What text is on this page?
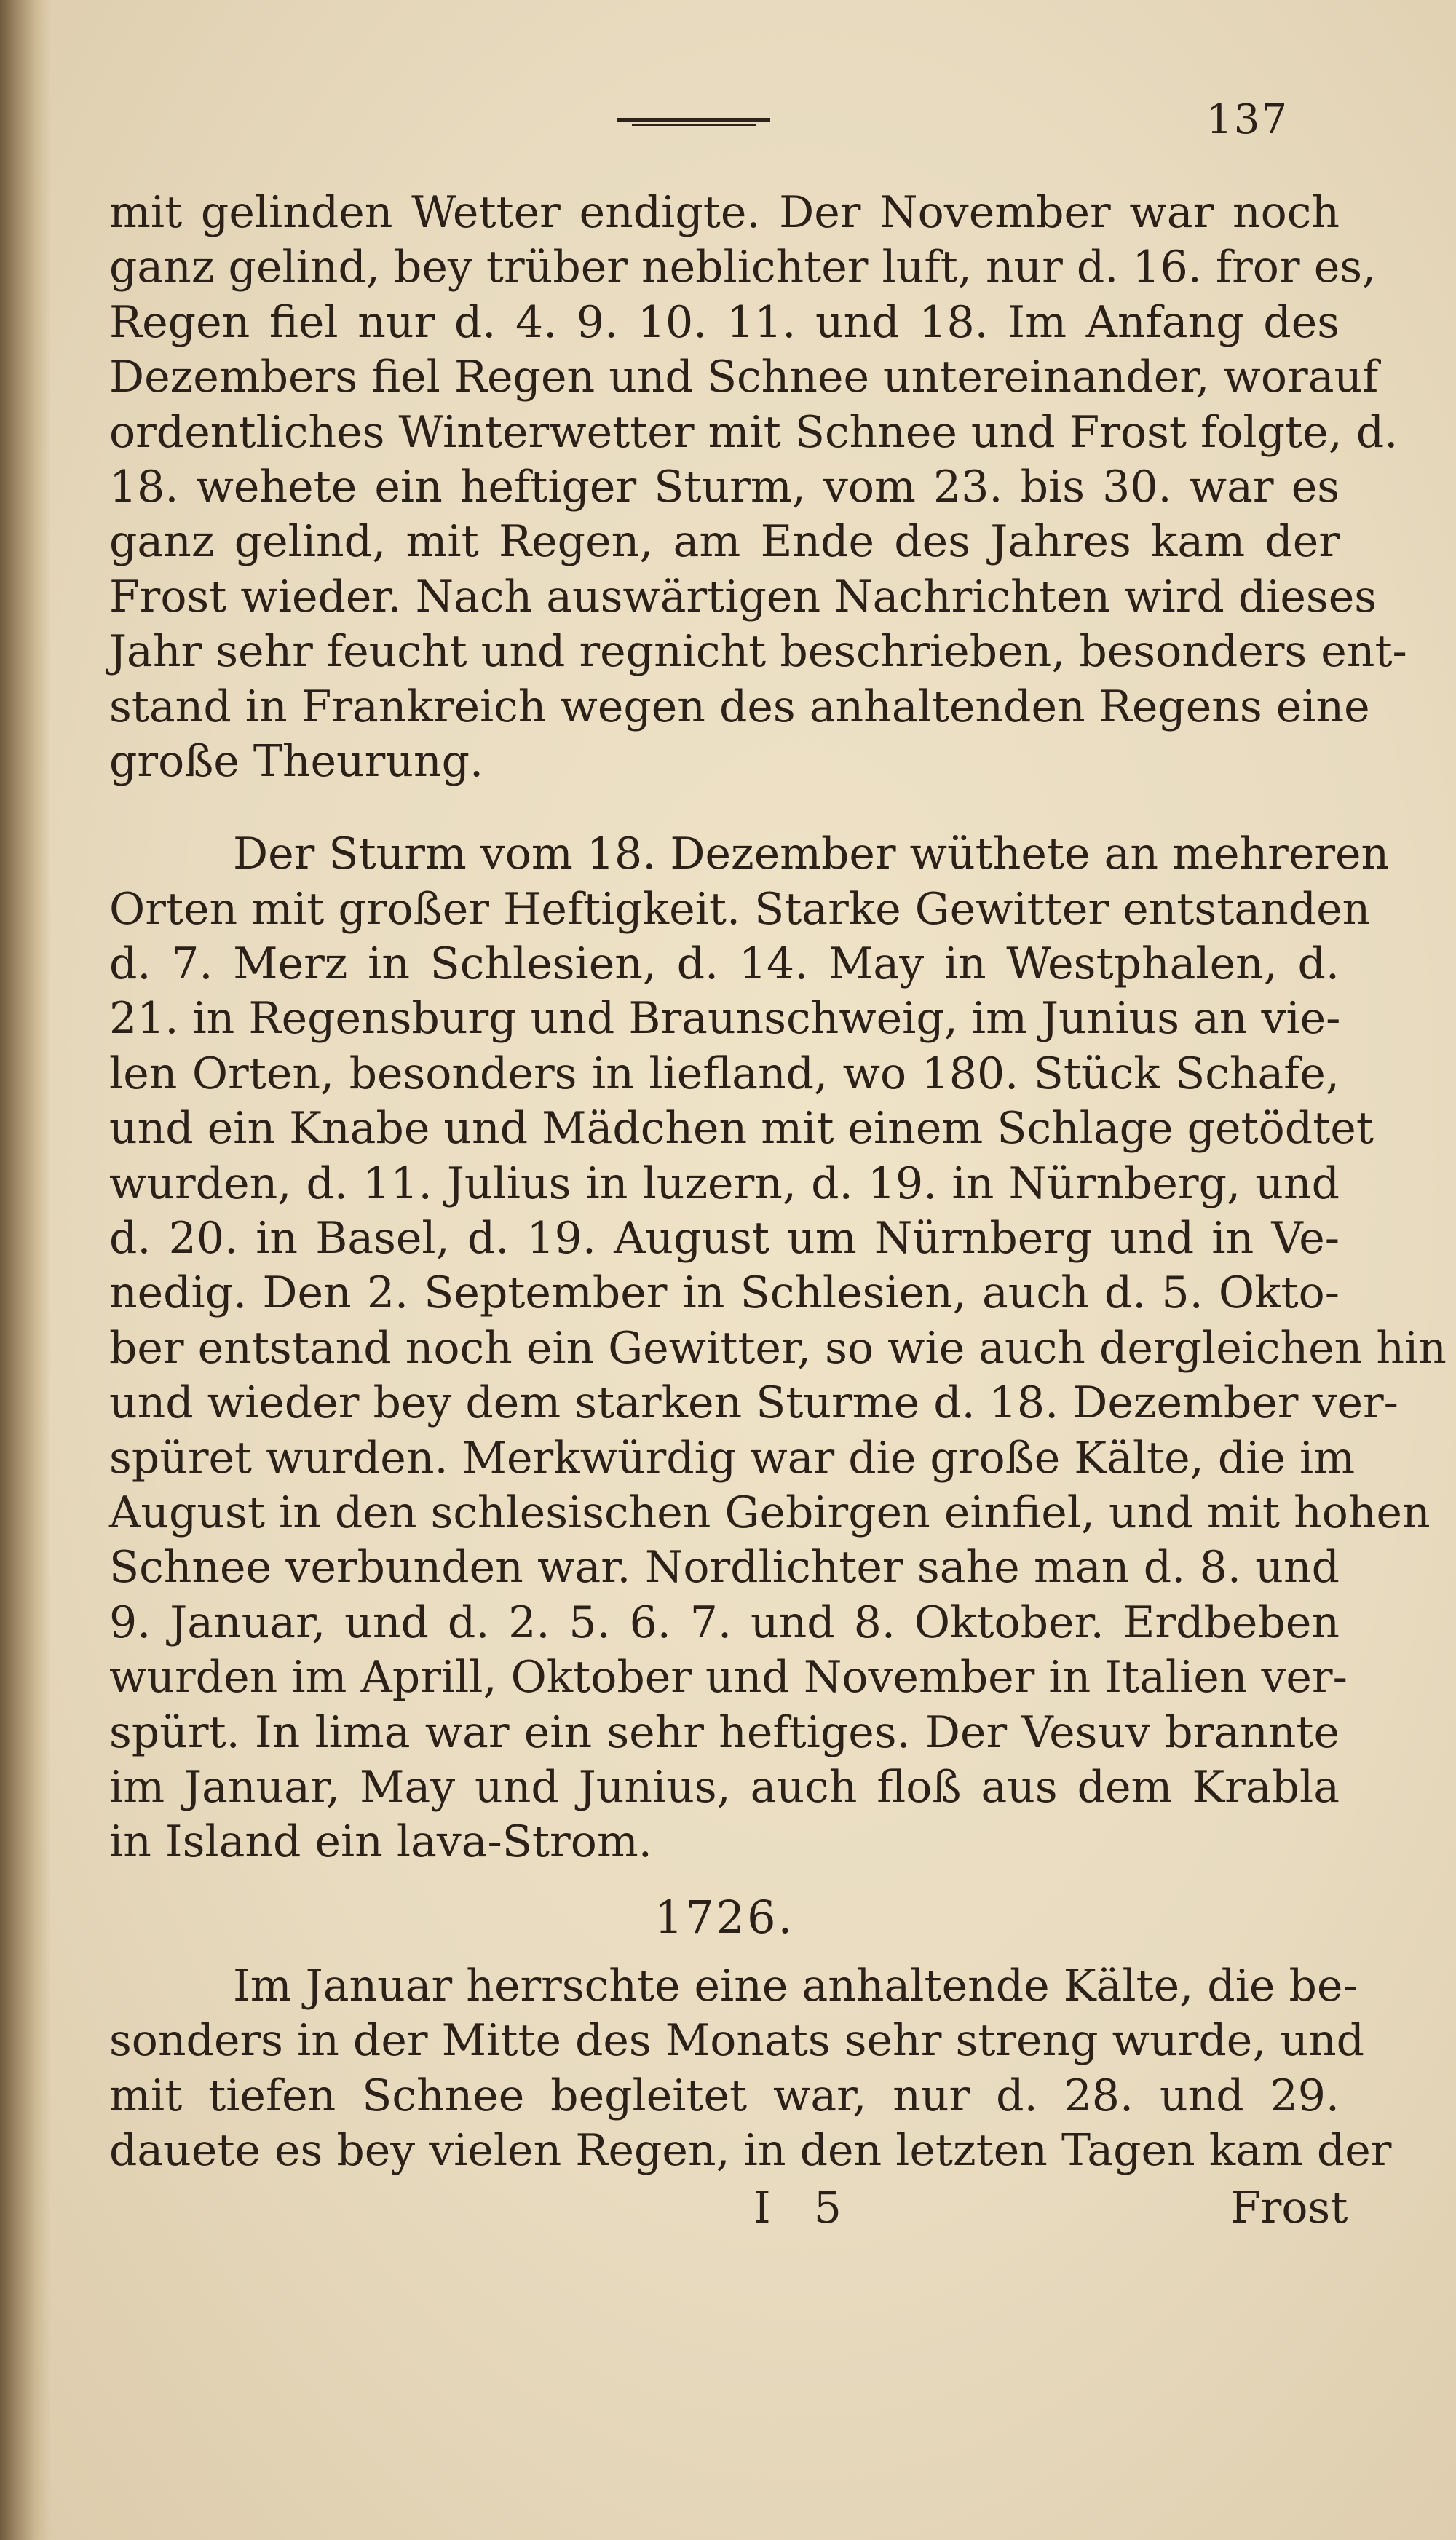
137
mit gelinden Wetter endigte. Der November war noch
ganz gelind, bey trüber neblichter luft, nur d. 16. fror es,
Regen fiel nur d. 4. 9. 10. 11. und 18. Im Anfang des
Dezembers fiel Regen und Schnee untereinander, worauf
ordentliches Winterwetter mit Schnee und Frost folgte, d.
18. wehete ein heftiger Sturm, vom 23. bis 30. war es
ganz gelind, mit Regen, am Ende des Jahres kam der
Frost wieder. Nach auswärtigen Nachrichten wird dieses
Jahr sehr feucht und regnicht beschrieben, besonders ent-
stand in Frankreich wegen des anhaltenden Regens eine
große Theurung.
Der Sturm vom 18. Dezember wüthete an mehreren
Orten mit großer Heftigkeit. Starke Gewitter entstanden
d. 7. Merz in Schlesien, d. 14. May in Westphalen, d.
21. in Regensburg und Braunschweig, im Junius an vie-
len Orten, besonders in liefland, wo 180. Stück Schafe,
und ein Knabe und Mädchen mit einem Schlage getödtet
wurden, d. 11. Julius in luzern, d. 19. in Nürnberg, und
d. 20. in Basel, d. 19. August um Nürnberg und in Ve-
nedig. Den 2. September in Schlesien, auch d. 5. Okto-
ber entstand noch ein Gewitter, so wie auch dergleichen hin
und wieder bey dem starken Sturme d. 18. Dezember ver-
spüret wurden. Merkwürdig war die große Kälte, die im
August in den schlesischen Gebirgen einfiel, und mit hohen
Schnee verbunden war. Nordlichter sahe man d. 8. und
9. Januar, und d. 2. 5. 6. 7. und 8. Oktober. Erdbeben
wurden im Aprill, Oktober und November in Italien ver-
spürt. In lima war ein sehr heftiges. Der Vesuv brannte
im Januar, May und Junius, auch floß aus dem Krabla
in Island ein lava-Strom.
1726.
Im Januar herrschte eine anhaltende Kälte, die be-
sonders in der Mitte des Monats sehr streng wurde, und
mit tiefen Schnee begleitet war, nur d. 28. und 29.
dauete es bey vielen Regen, in den letzten Tagen kam der
I 5	Frost
